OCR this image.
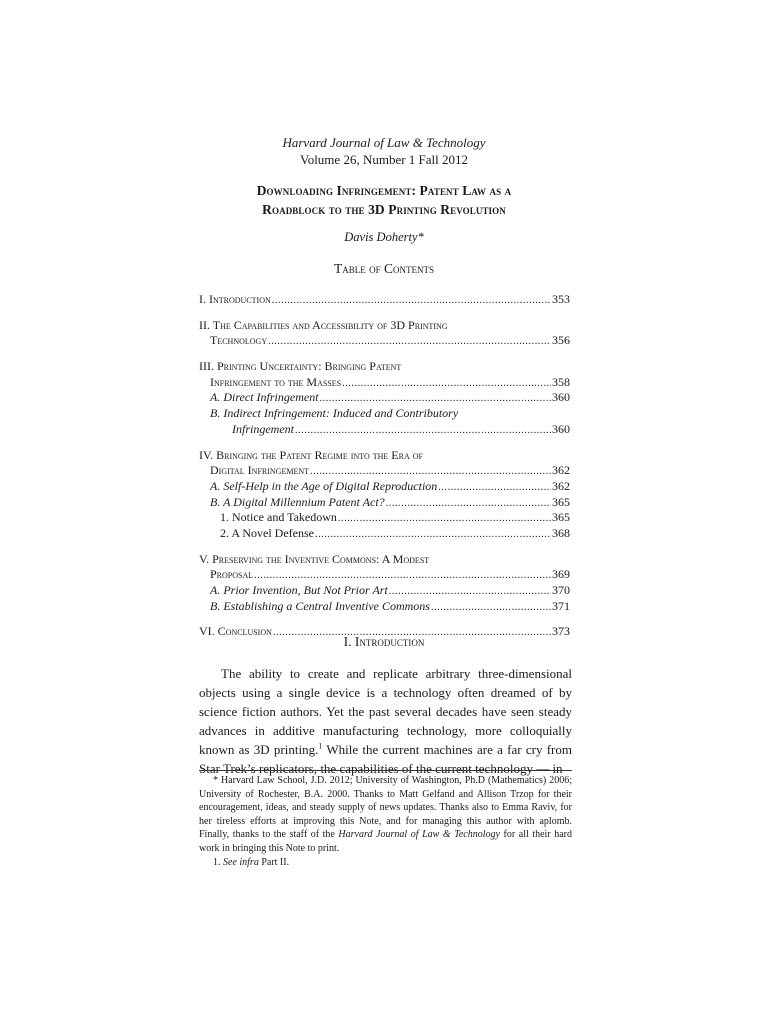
Harvard Journal of Law & Technology
Volume 26, Number 1 Fall 2012
Downloading Infringement: Patent Law as a
Roadblock to the 3D Printing Revolution
Davis Doherty*
Table of Contents
I. Introduction .....	353
II. The Capabilities and Accessibility of 3D Printing
Technology .....	356
III. Printing Uncertainty: Bringing Patent
Infringement to the Masses .....	358
A. Direct Infringement .....	360
B. Indirect Infringement: Induced and Contributory
Infringement .....	360
IV. Bringing the Patent Regime into the Era of
Digital Infringement .....	362
A. Self-Help in the Age of Digital Reproduction .....	362
B. A Digital Millennium Patent Act? .....	365
1. Notice and Takedown .....	365
2. A Novel Defense .....	368
V. Preserving the Inventive Commons: A Modest
Proposal .....	369
A. Prior Invention, But Not Prior Art .....	370
B. Establishing a Central Inventive Commons .....	371
VI. Conclusion .....	373
I. Introduction

The ability to create and replicate arbitrary three-dimensional objects using a single device is a technology often dreamed of by science fiction authors. Yet the past several decades have seen steady advances in additive manufacturing technology, more colloquially known as 3D printing.$^1$ While the current machines are a far cry from Star Trek’s replicators, the capabilities of the current technology — in

* Harvard Law School, J.D. 2012; University of Washington, Ph.D (Mathematics) 2006; University of Rochester, B.A. 2000. Thanks to Matt Gelfand and Allison Trzop for their encouragement, ideas, and steady supply of news updates. Thanks also to Emma Raviv, for her tireless efforts at improving this Note, and for managing this author with aplomb. Finally, thanks to the staff of the Harvard Journal of Law & Technology for all their hard work in bringing this Note to print.

1. See infra Part II.
